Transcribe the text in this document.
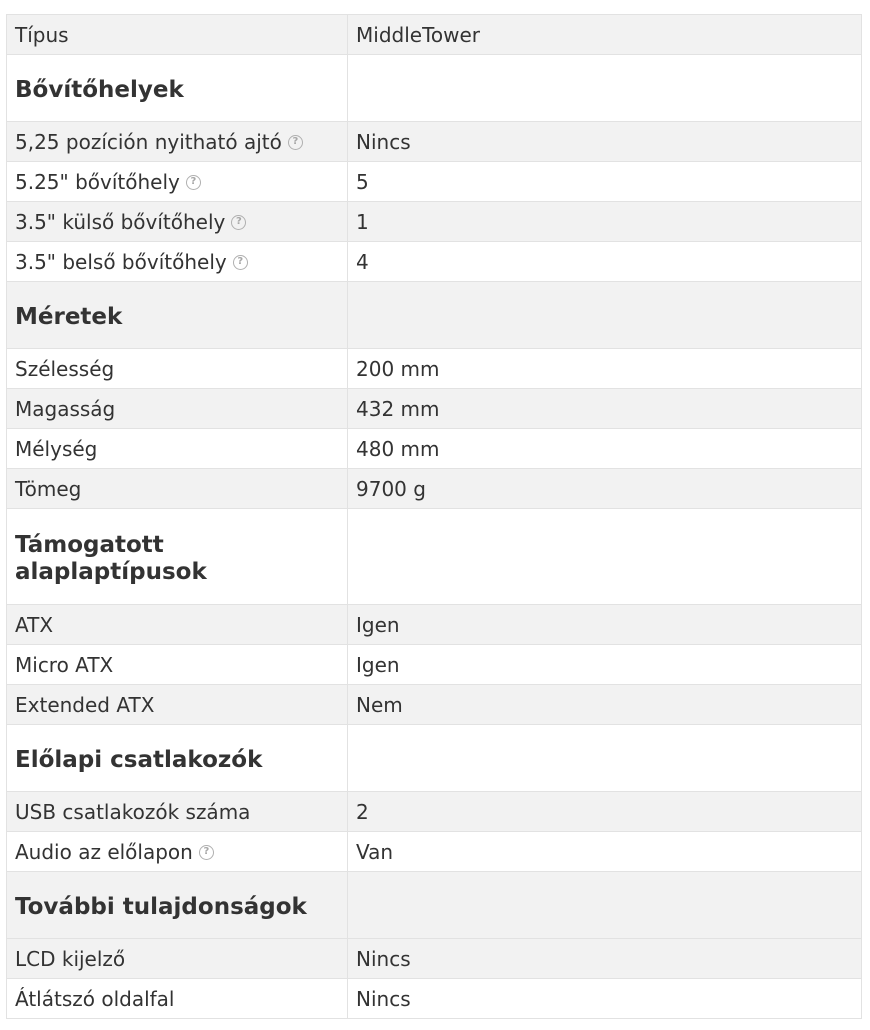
Típus	MiddleTower
Bővítőhelyek	
5,25 pozíción nyitható ajtó ?	Nincs
5.25" bővítőhely ?	5
3.5" külső bővítőhely ?	1
3.5" belső bővítőhely ?	4
Méretek	
Szélesség	200 mm
Magasság	432 mm
Mélység	480 mm
Tömeg	9700 g
Támogatott alaplaptípusok	
ATX	Igen
Micro ATX	Igen
Extended ATX	Nem
Előlapi csatlakozók	
USB csatlakozók száma	2
Audio az előlapon ?	Van
További tulajdonságok	
LCD kijelző	Nincs
Átlátszó oldalfal	Nincs
